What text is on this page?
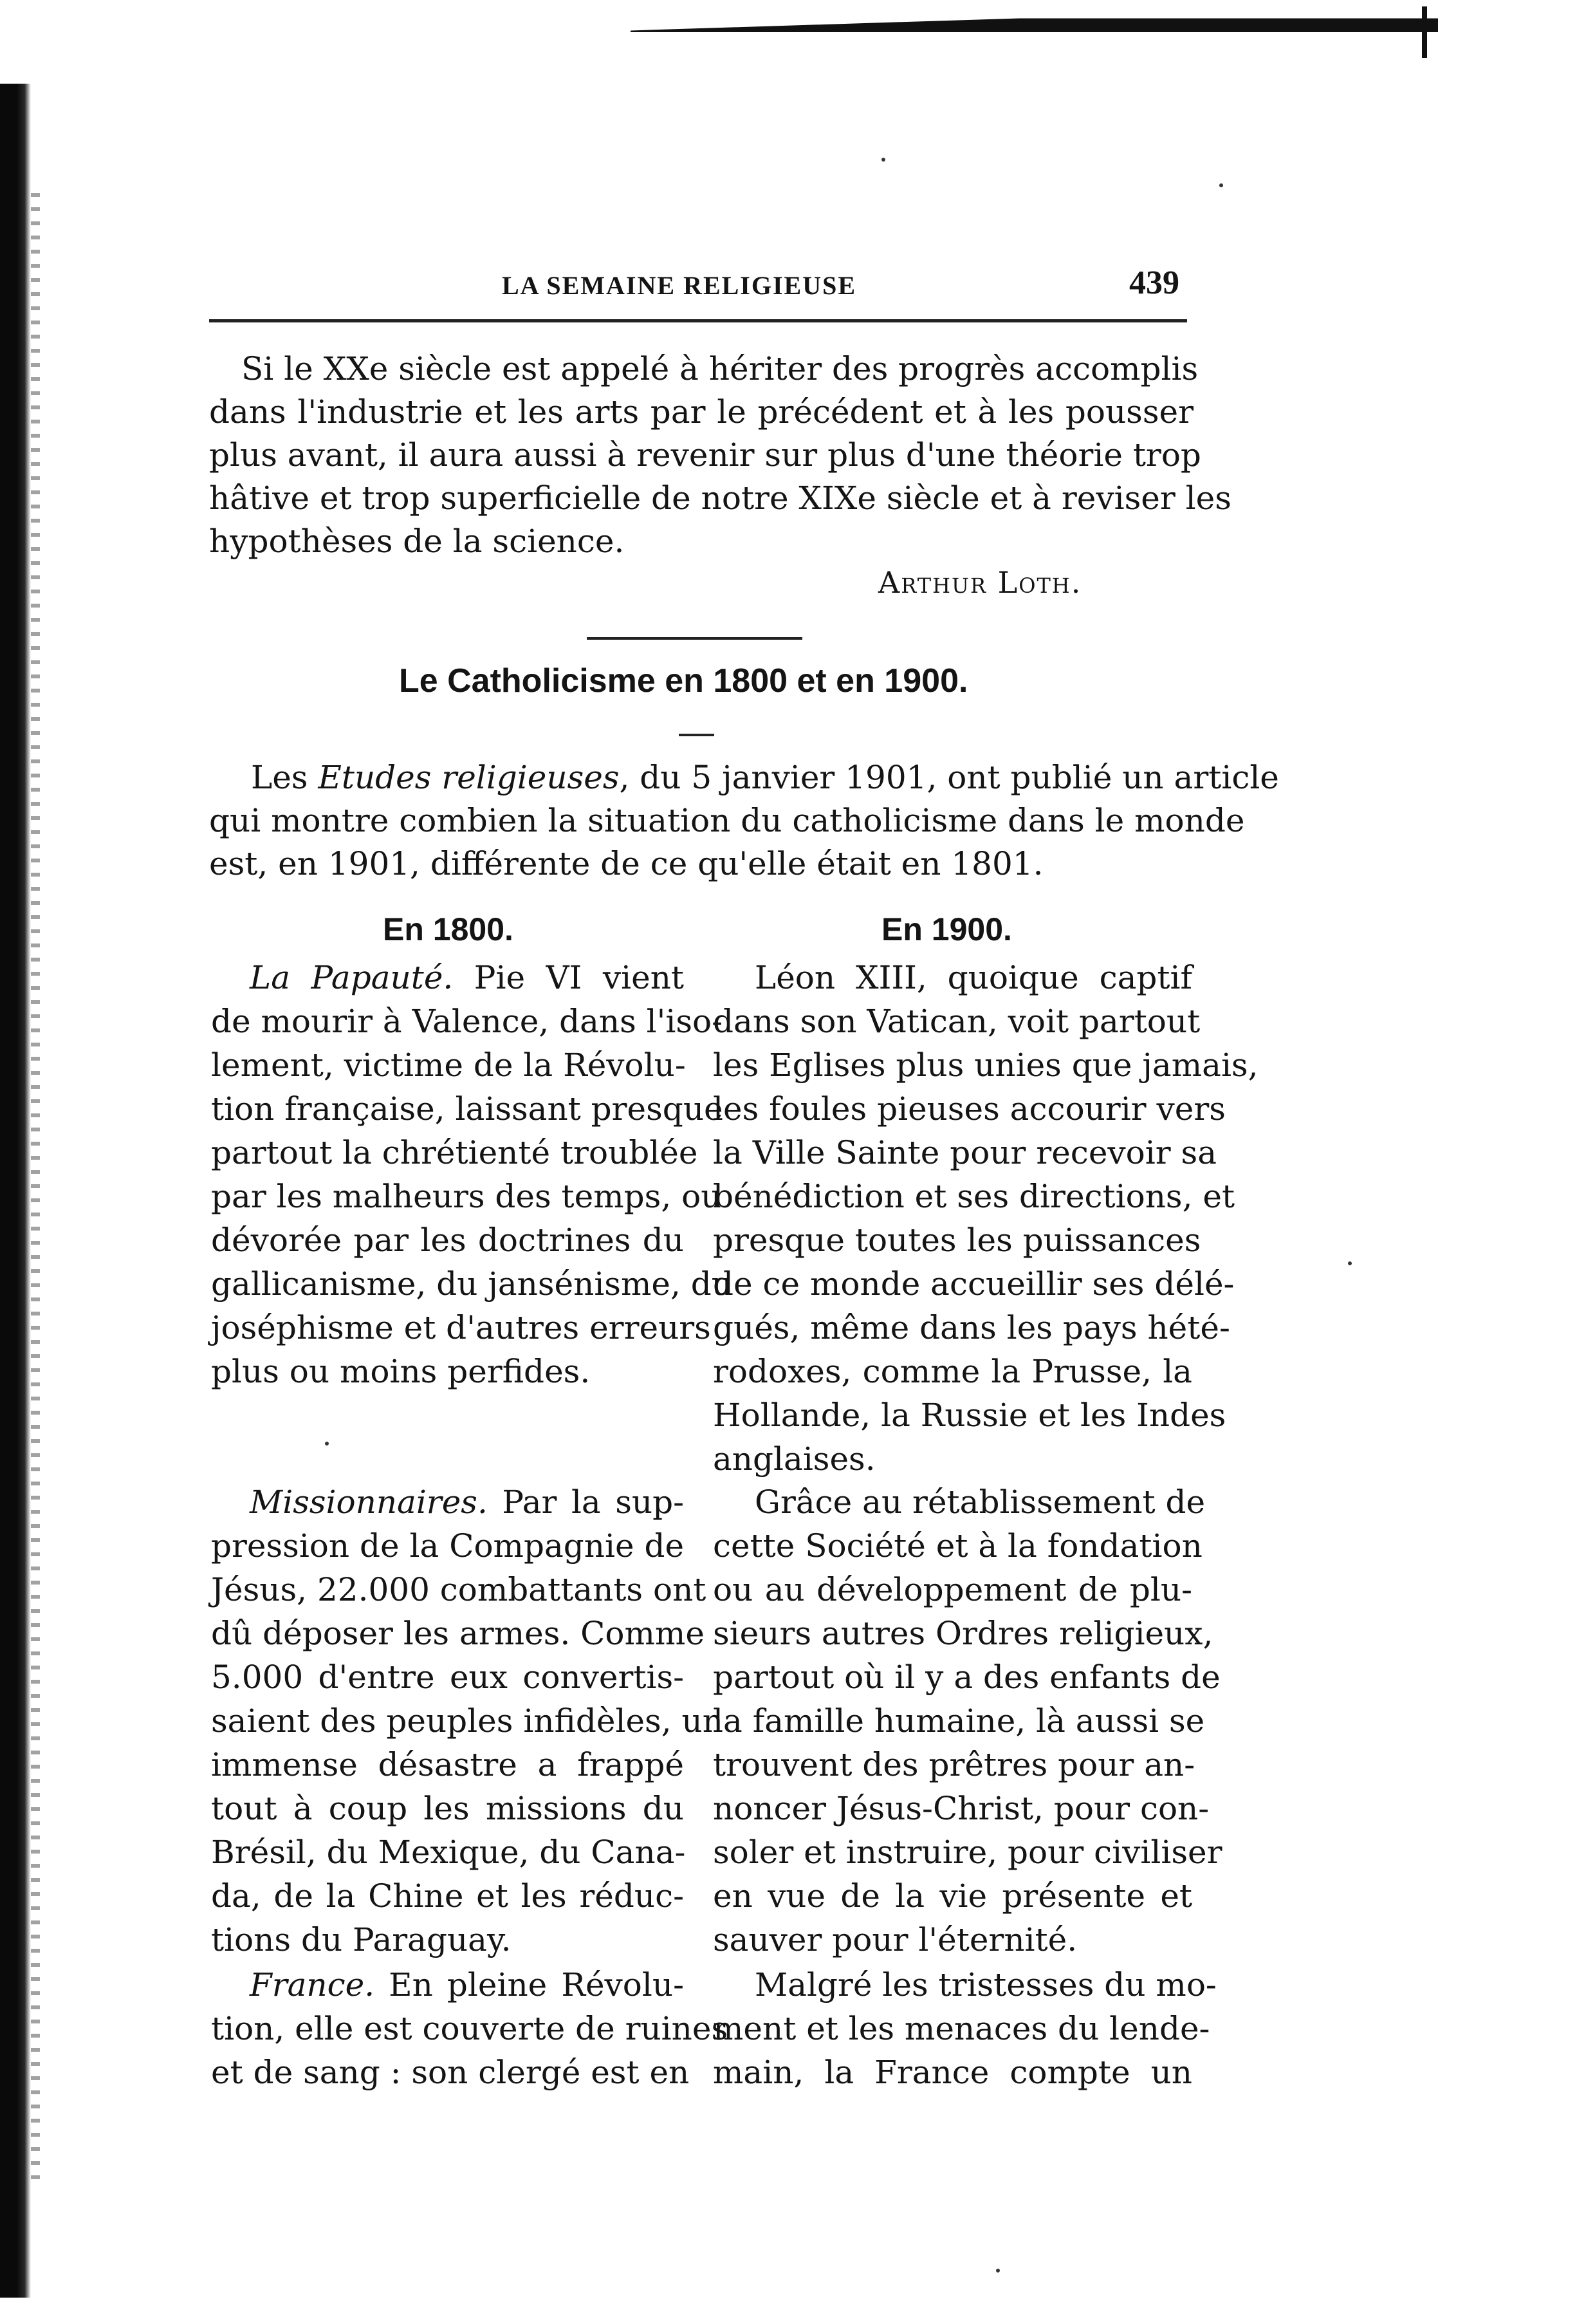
LA SEMAINE RELIGIEUSE	439

Si le XXe siècle est appelé à hériter des progrès accomplis
dans l'industrie et les arts par le précédent et à les pousser
plus avant, il aura aussi à revenir sur plus d'une théorie trop
hâtive et trop superficielle de notre XIXe siècle et à reviser les
hypothèses de la science.

Arthur Loth.
Le Catholicisme en 1800 et en 1900.

Les Etudes religieuses, du 5 janvier 1901, ont publié un article
qui montre combien la situation du catholicisme dans le monde
est, en 1901, différente de ce qu'elle était en 1801.

En 1800.	En 1900.

La Papauté. Pie VI vient
de mourir à Valence, dans l'iso-
lement, victime de la Révolu-
tion française, laissant presque
partout la chrétienté troublée
par les malheurs des temps, ou
dévorée par les doctrines du
gallicanisme, du jansénisme, du
joséphisme et d'autres erreurs
plus ou moins perfides.

Missionnaires. Par la sup-
pression de la Compagnie de
Jésus, 22.000 combattants ont
dû déposer les armes. Comme
5.000 d'entre eux convertis-
saient des peuples infidèles, un
immense désastre a frappé
tout à coup les missions du
Brésil, du Mexique, du Cana-
da, de la Chine et les réduc-
tions du Paraguay.

France. En pleine Révolu-
tion, elle est couverte de ruines
et de sang : son clergé est en

Léon XIII, quoique captif
dans son Vatican, voit partout
les Eglises plus unies que jamais,
les foules pieuses accourir vers
la Ville Sainte pour recevoir sa
bénédiction et ses directions, et
presque toutes les puissances
de ce monde accueillir ses délé-
gués, même dans les pays hété-
rodoxes, comme la Prusse, la
Hollande, la Russie et les Indes
anglaises.

Grâce au rétablissement de
cette Société et à la fondation
ou au développement de plu-
sieurs autres Ordres religieux,
partout où il y a des enfants de
la famille humaine, là aussi se
trouvent des prêtres pour an-
noncer Jésus-Christ, pour con-
soler et instruire, pour civiliser
en vue de la vie présente et
sauver pour l'éternité.

Malgré les tristesses du mo-
ment et les menaces du lende-
main, la France compte un
